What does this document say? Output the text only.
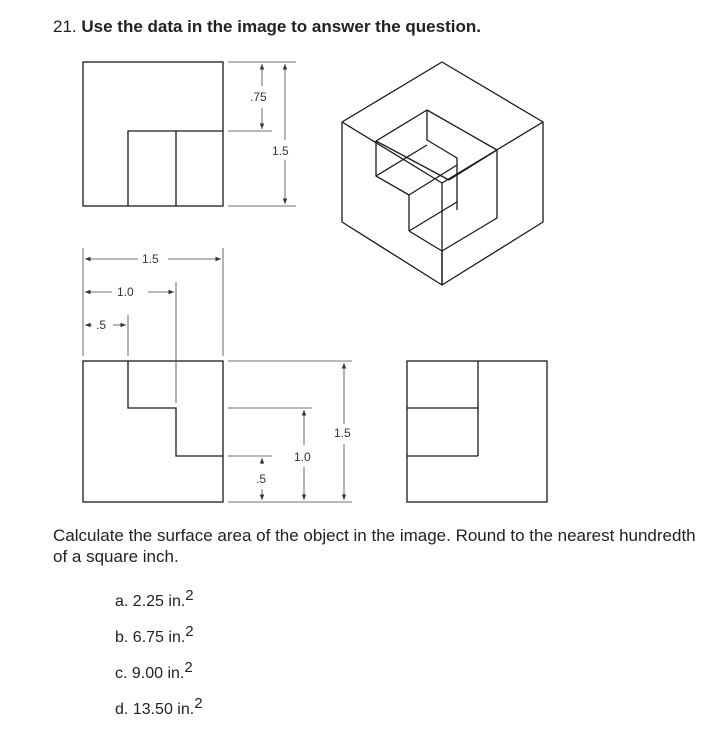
21. Use the data in the image to answer the question.
.75
1.5
1.5
1.0
.5
1.5
1.0
.5
Calculate the surface area of the object in the image. Round to the nearest hundredth of a square inch.
a. 2.25 in.$^2$
b. 6.75 in.$^2$
c. 9.00 in.$^2$
d. 13.50 in.$^2$
